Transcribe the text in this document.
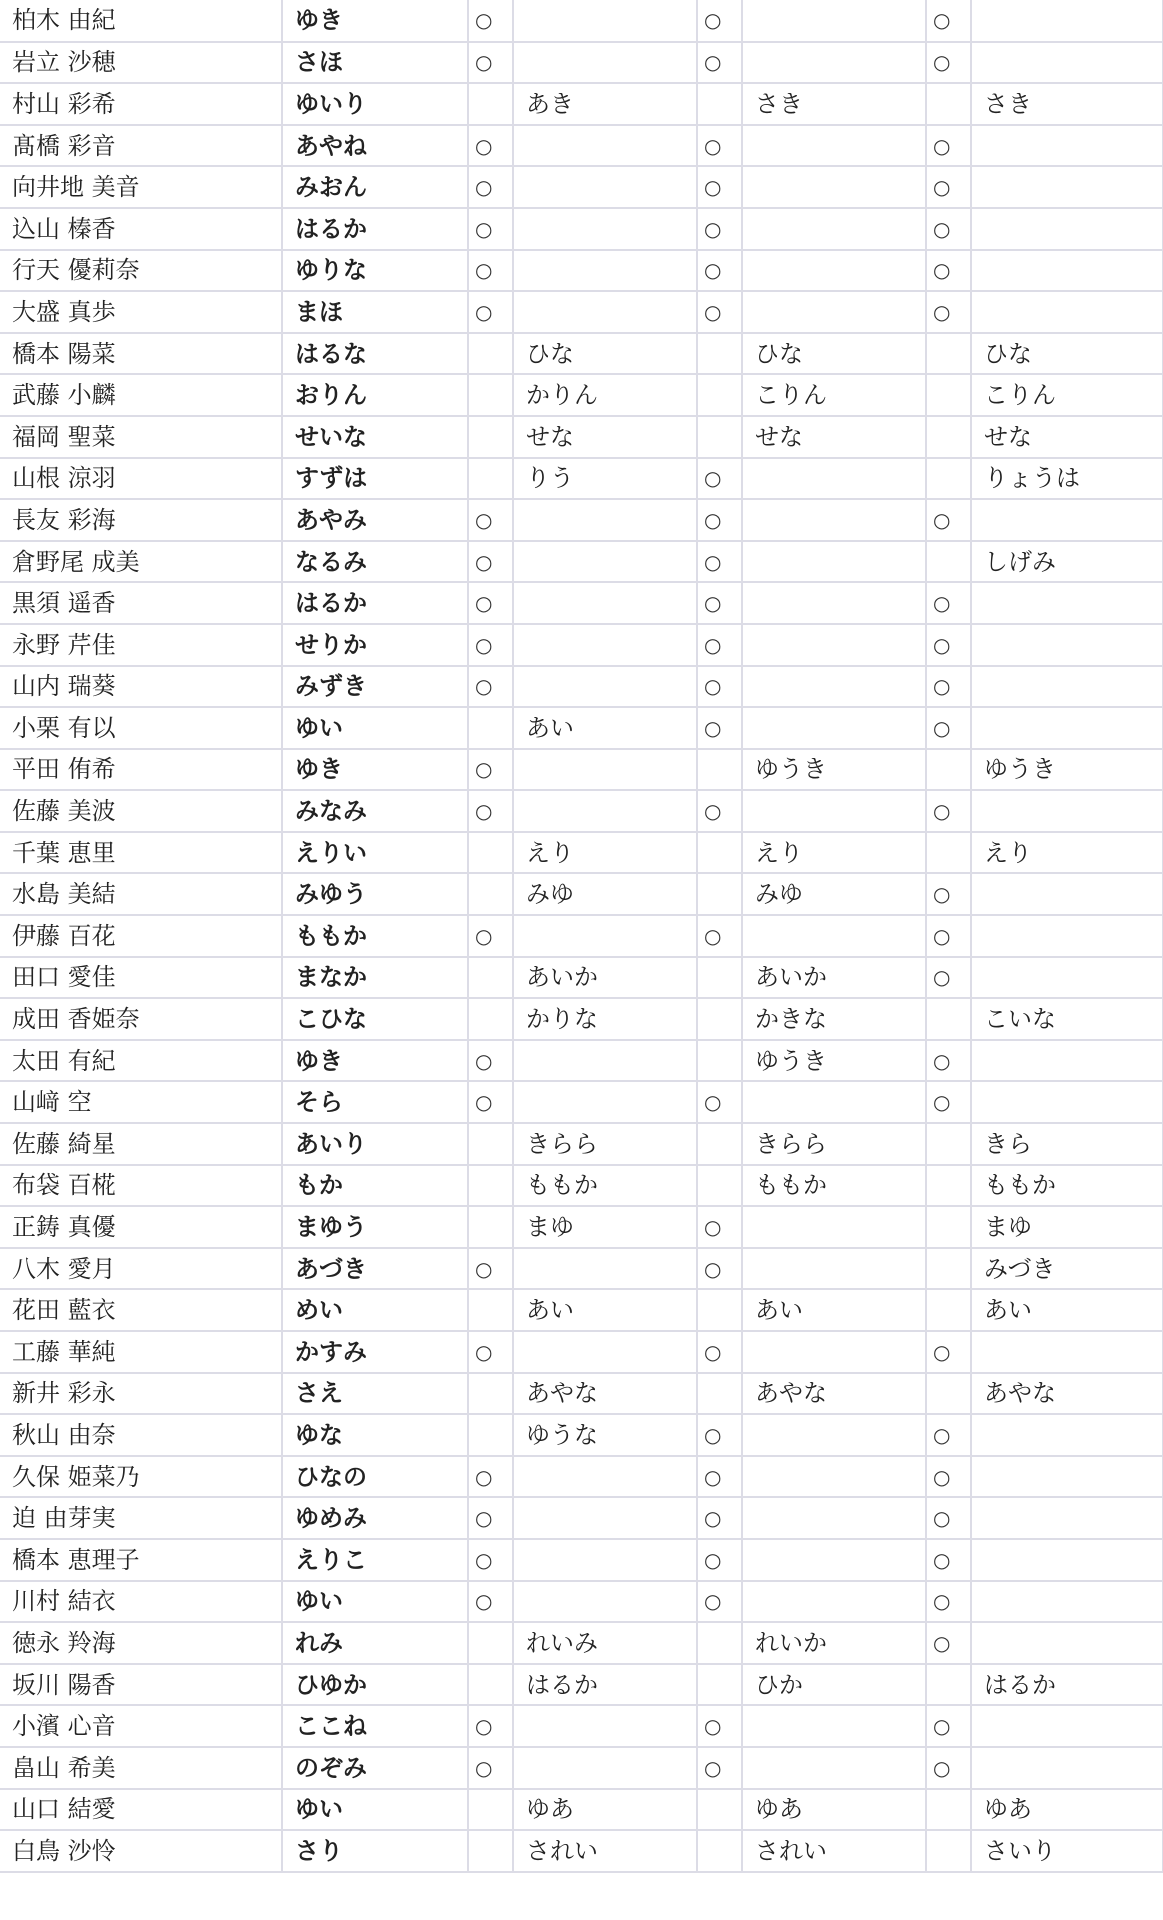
柏木 由紀	ゆき	○		○		○	
岩立 沙穂	さほ	○		○		○	
村山 彩希	ゆいり		あき		さき		さき
髙橋 彩音	あやね	○		○		○	
向井地 美音	みおん	○		○		○	
込山 榛香	はるか	○		○		○	
行天 優莉奈	ゆりな	○		○		○	
大盛 真歩	まほ	○		○		○	
橋本 陽菜	はるな		ひな		ひな		ひな
武藤 小麟	おりん		かりん		こりん		こりん
福岡 聖菜	せいな		せな		せな		せな
山根 涼羽	すずは		りう	○			りょうは
長友 彩海	あやみ	○		○		○	
倉野尾 成美	なるみ	○		○			しげみ
黒須 遥香	はるか	○		○		○	
永野 芹佳	せりか	○		○		○	
山内 瑞葵	みずき	○		○		○	
小栗 有以	ゆい		あい	○		○	
平田 侑希	ゆき	○			ゆうき		ゆうき
佐藤 美波	みなみ	○		○		○	
千葉 恵里	えりい		えり		えり		えり
水島 美結	みゆう		みゆ		みゆ	○	
伊藤 百花	ももか	○		○		○	
田口 愛佳	まなか		あいか		あいか	○	
成田 香姫奈	こひな		かりな		かきな		こいな
太田 有紀	ゆき	○			ゆうき	○	
山﨑 空	そら	○		○		○	
佐藤 綺星	あいり		きらら		きらら		きら
布袋 百椛	もか		ももか		ももか		ももか
正鋳 真優	まゆう		まゆ	○			まゆ
八木 愛月	あづき	○		○			みづき
花田 藍衣	めい		あい		あい		あい
工藤 華純	かすみ	○		○		○	
新井 彩永	さえ		あやな		あやな		あやな
秋山 由奈	ゆな		ゆうな	○		○	
久保 姫菜乃	ひなの	○		○		○	
迫 由芽実	ゆめみ	○		○		○	
橋本 恵理子	えりこ	○		○		○	
川村 結衣	ゆい	○		○		○	
徳永 羚海	れみ		れいみ		れいか	○	
坂川 陽香	ひゆか		はるか		ひか		はるか
小濱 心音	ここね	○		○		○	
畠山 希美	のぞみ	○		○		○	
山口 結愛	ゆい		ゆあ		ゆあ		ゆあ
白鳥 沙怜	さり		されい		されい		さいり
